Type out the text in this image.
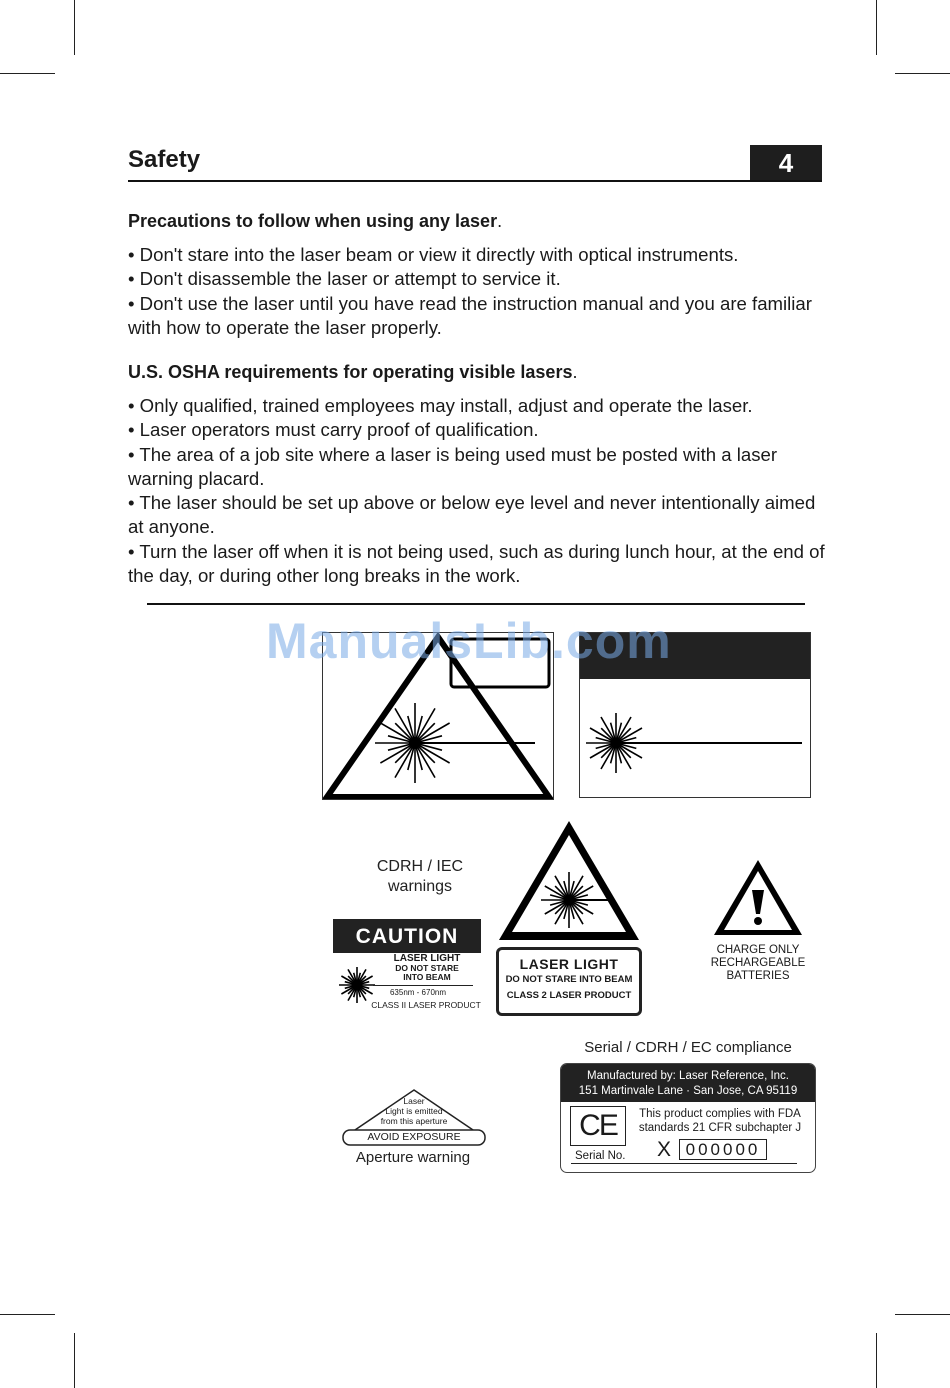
Safety	4
Precautions to follow when using any laser.

• Don't stare into the laser beam or view it directly with optical instruments.

• Don't disassemble the laser or attempt to service it.

• Don't use the laser until you have read the instruction manual and you are familiar with how to operate the laser properly.

U.S. OSHA requirements for operating visible lasers.

• Only qualified, trained employees may install, adjust and operate the laser.

• Laser operators must carry proof of qualification.

• The area of a job site where a laser is being used must be posted with a laser warning placard.

• The laser should be set up above or below eye level and never intentionally aimed at anyone.

• Turn the laser off when it is not being used, such as during lunch hour, at the end of the day, or during other long breaks in the work.

ManualsLib.com
CDRH / IEC
warnings
CAUTION
LASER LIGHT
DO NOT STARE
INTO BEAM
635nm - 670nm
CLASS II LASER PRODUCT
LASER LIGHT
DO NOT STARE INTO BEAM
CLASS 2 LASER PRODUCT
CHARGE ONLY
RECHARGEABLE
BATTERIES
Laser
Light is emitted
from this aperture
AVOID EXPOSURE
Aperture warning
Serial / CDRH / EC compliance
Manufactured by: Laser Reference, Inc.
151 Martinvale Lane · San Jose, CA 95119
CE	This product complies with FDA
standards 21 CFR subchapter J
Serial No. X 000000
